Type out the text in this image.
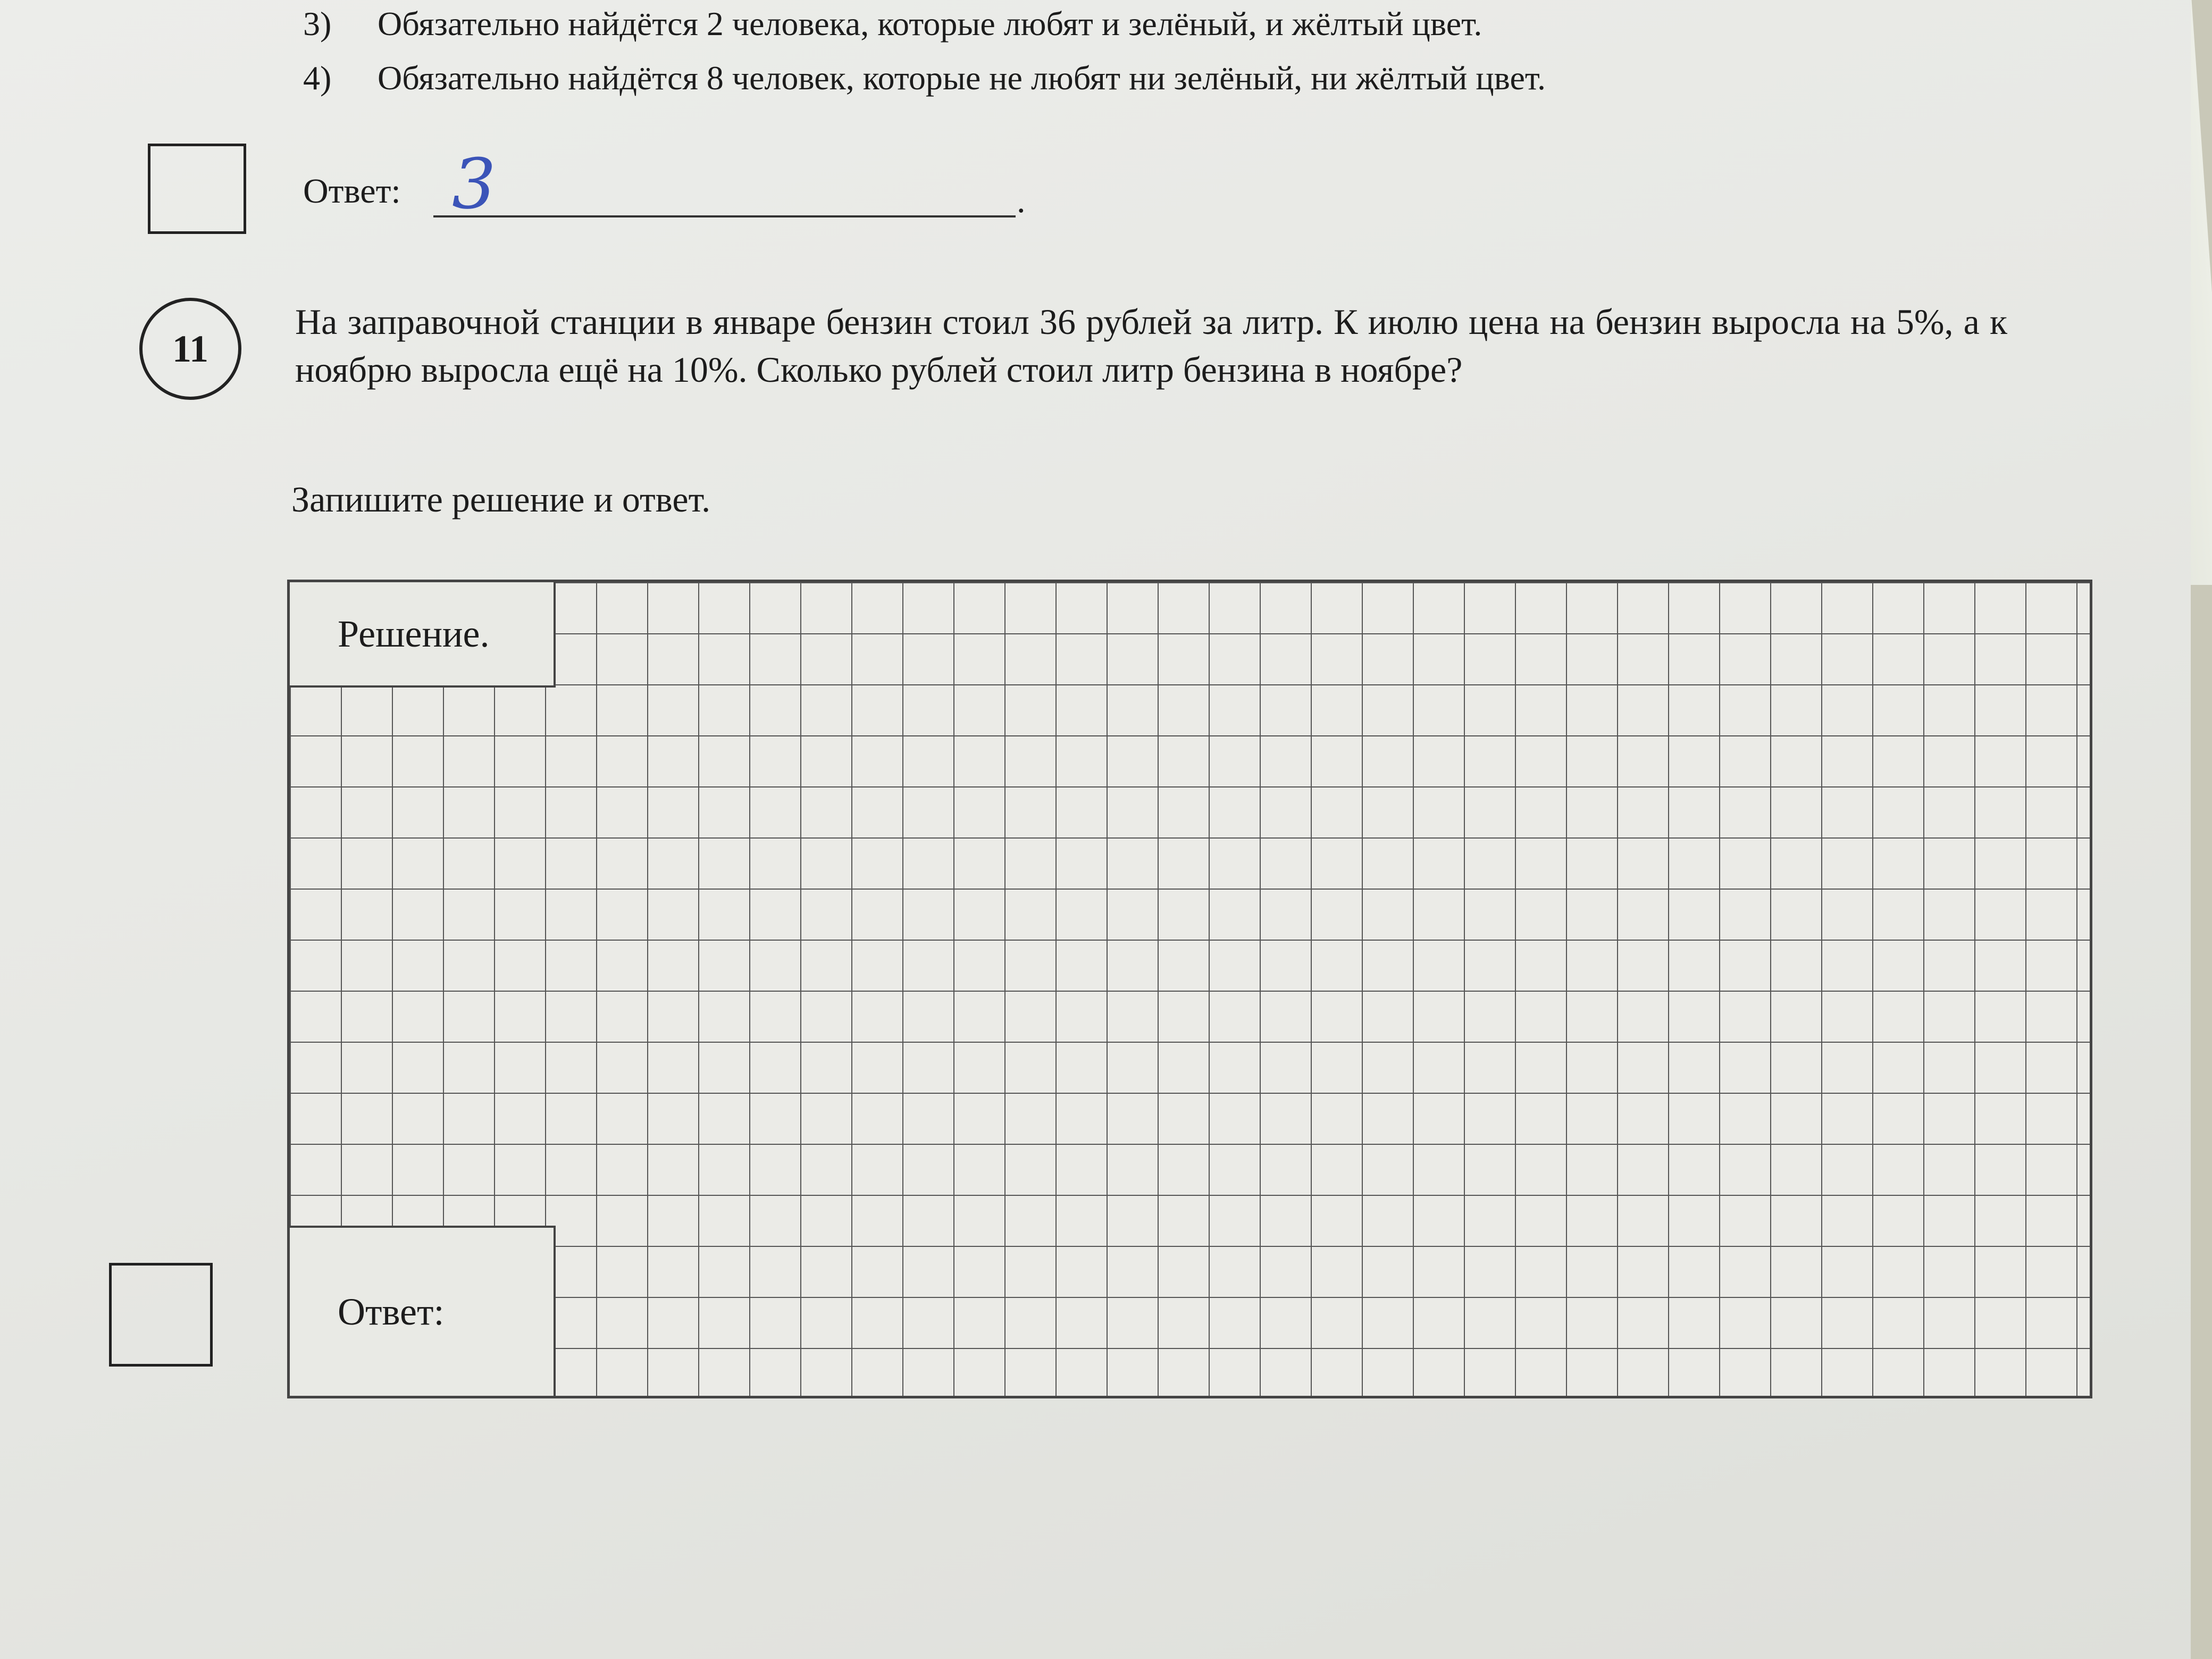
3) Обязательно найдётся 2 человека, которые любят и зелёный, и жёлтый цвет.
4) Обязательно найдётся 8 человек, которые не любят ни зелёный, ни жёлтый цвет.
Ответ: 3	.
11
На заправочной станции в январе бензин стоил 36 рублей за литр. К июлю цена на бензин выросла на 5%, а к ноябрю выросла ещё на 10%. Сколько рублей стоил литр бензина в ноябре?
Запишите решение и ответ.
Решение.
Ответ:
